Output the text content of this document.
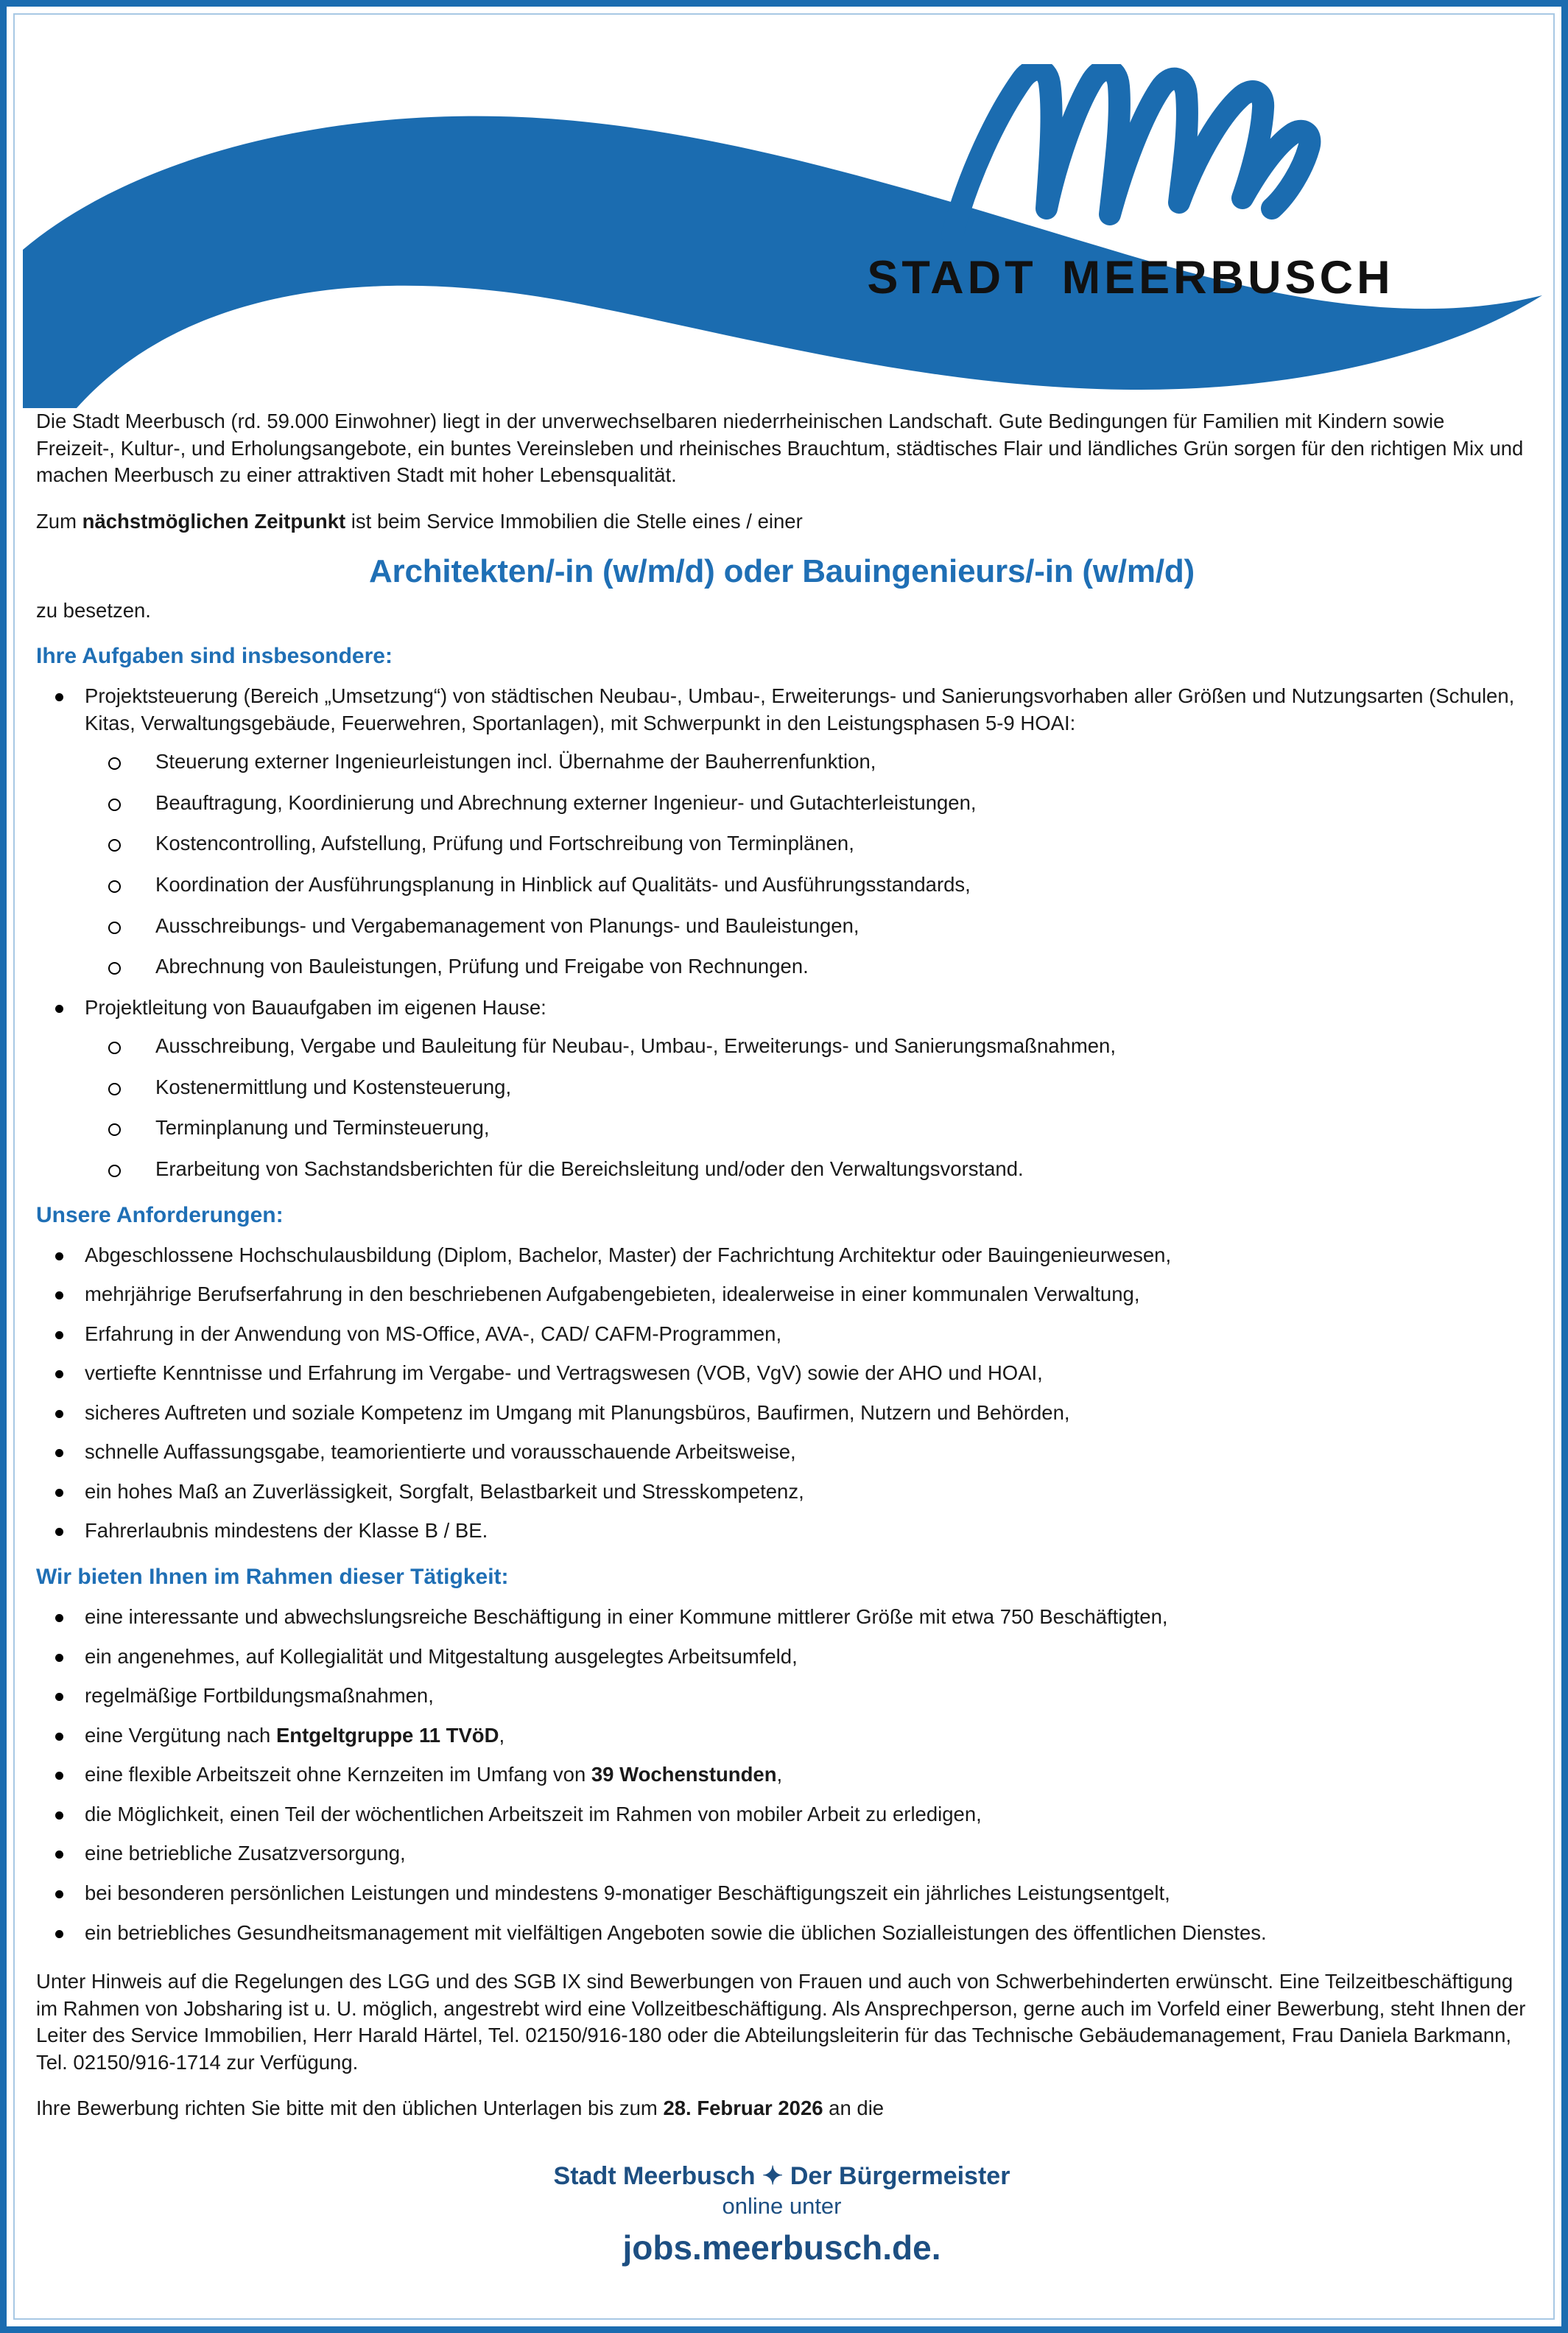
STADT MEERBUSCH

Die Stadt Meerbusch (rd. 59.000 Einwohner) liegt in der unverwechselbaren niederrheinischen Landschaft. Gute Bedingungen für Familien mit Kindern sowie Freizeit-, Kultur-, und Erholungsangebote, ein buntes Vereinsleben und rheinisches Brauchtum, städtisches Flair und ländliches Grün sorgen für den richtigen Mix und machen Meerbusch zu einer attraktiven Stadt mit hoher Lebensqualität.

Zum nächstmöglichen Zeitpunkt ist beim Service Immobilien die Stelle eines / einer

Architekten/-in (w/m/d) oder Bauingenieurs/-in (w/m/d)

zu besetzen.

Ihre Aufgaben sind insbesondere:
Projektsteuerung (Bereich „Umsetzung“) von städtischen Neubau-, Umbau-, Erweiterungs- und Sanierungsvorhaben aller Größen und Nutzungsarten (Schulen, Kitas, Verwaltungsgebäude, Feuerwehren, Sportanlagen), mit Schwerpunkt in den Leistungsphasen 5-9 HOAI:
Steuerung externer Ingenieurleistungen incl. Übernahme der Bauherrenfunktion,
Beauftragung, Koordinierung und Abrechnung externer Ingenieur- und Gutachterleistungen,
Kostencontrolling, Aufstellung, Prüfung und Fortschreibung von Terminplänen,
Koordination der Ausführungsplanung in Hinblick auf Qualitäts- und Ausführungsstandards,
Ausschreibungs- und Vergabemanagement von Planungs- und Bauleistungen,
Abrechnung von Bauleistungen, Prüfung und Freigabe von Rechnungen.
Projektleitung von Bauaufgaben im eigenen Hause:
Ausschreibung, Vergabe und Bauleitung für Neubau-, Umbau-, Erweiterungs- und Sanierungsmaßnahmen,
Kostenermittlung und Kostensteuerung,
Terminplanung und Terminsteuerung,
Erarbeitung von Sachstandsberichten für die Bereichsleitung und/oder den Verwaltungsvorstand.
Unsere Anforderungen:
Abgeschlossene Hochschulausbildung (Diplom, Bachelor, Master) der Fachrichtung Architektur oder Bauingenieurwesen,
mehrjährige Berufserfahrung in den beschriebenen Aufgabengebieten, idealerweise in einer kommunalen Verwaltung,
Erfahrung in der Anwendung von MS-Office, AVA-, CAD/ CAFM-Programmen,
vertiefte Kenntnisse und Erfahrung im Vergabe- und Vertragswesen (VOB, VgV) sowie der AHO und HOAI,
sicheres Auftreten und soziale Kompetenz im Umgang mit Planungsbüros, Baufirmen, Nutzern und Behörden,
schnelle Auffassungsgabe, teamorientierte und vorausschauende Arbeitsweise,
ein hohes Maß an Zuverlässigkeit, Sorgfalt, Belastbarkeit und Stresskompetenz,
Fahrerlaubnis mindestens der Klasse B / BE.
Wir bieten Ihnen im Rahmen dieser Tätigkeit:
eine interessante und abwechslungsreiche Beschäftigung in einer Kommune mittlerer Größe mit etwa 750 Beschäftigten,
ein angenehmes, auf Kollegialität und Mitgestaltung ausgelegtes Arbeitsumfeld,
regelmäßige Fortbildungsmaßnahmen,
eine Vergütung nach Entgeltgruppe 11 TVöD,
eine flexible Arbeitszeit ohne Kernzeiten im Umfang von 39 Wochenstunden,
die Möglichkeit, einen Teil der wöchentlichen Arbeitszeit im Rahmen von mobiler Arbeit zu erledigen,
eine betriebliche Zusatzversorgung,
bei besonderen persönlichen Leistungen und mindestens 9-monatiger Beschäftigungszeit ein jährliches Leistungsentgelt,
ein betriebliches Gesundheitsmanagement mit vielfältigen Angeboten sowie die üblichen Sozialleistungen des öffentlichen Dienstes.

Unter Hinweis auf die Regelungen des LGG und des SGB IX sind Bewerbungen von Frauen und auch von Schwerbehinderten erwünscht. Eine Teilzeitbeschäftigung im Rahmen von Jobsharing ist u. U. möglich, angestrebt wird eine Vollzeitbeschäftigung. Als Ansprechperson, gerne auch im Vorfeld einer Bewerbung, steht Ihnen der Leiter des Service Immobilien, Herr Harald Härtel, Tel. 02150/916-180 oder die Abteilungsleiterin für das Technische Gebäudemanagement, Frau Daniela Barkmann, Tel. 02150/916-1714 zur Verfügung.

Ihre Bewerbung richten Sie bitte mit den üblichen Unterlagen bis zum 28. Februar 2026 an die

Stadt Meerbusch ✦ Der Bürgermeister
online unter
jobs.meerbusch.de.
